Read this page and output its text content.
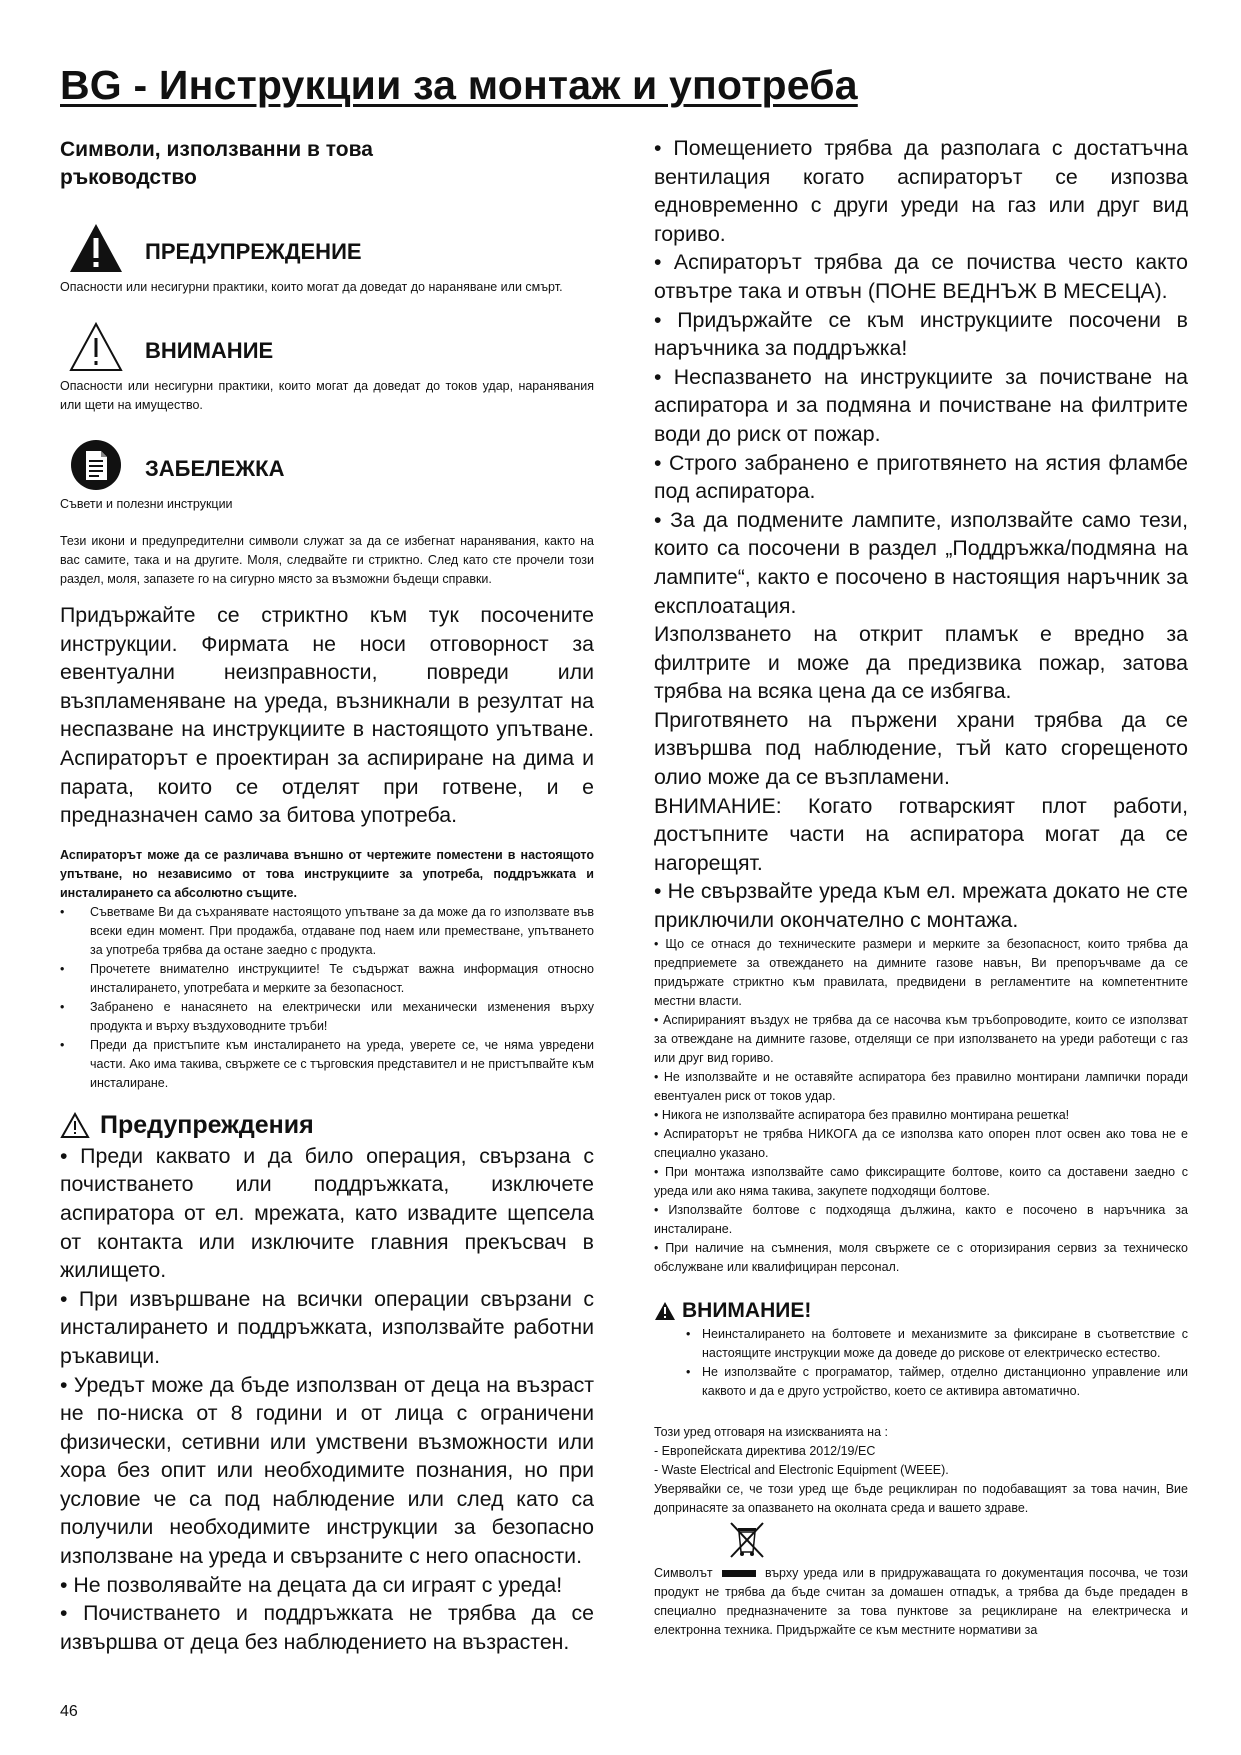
BG - Инструкции за монтаж и употреба

Символи, използванни в това ръководство

ПРЕДУПРЕЖДЕНИЕ

Опасности или несигурни практики, които могат да доведат до нараняване или смърт.

ВНИМАНИЕ

Опасности или несигурни практики, които могат да доведат до токов удар, наранявания или щети на имущество.

ЗАБЕЛЕЖКА

Съвети и полезни инструкции

Тези икони и предупредителни символи служат за да се избегнат наранявания, както на вас самите, така и на другите. Моля, следвайте ги стриктно. След като сте прочели този раздел, моля, запазете го на сигурно място за възможни бъдещи справки.

Придържайте се стриктно към тук посочените инструкции. Фирмата не носи отговорност за евентуални неизправности, повреди или възпламеняване на уреда, възникнали в резултат на неспазване на инструкциите в настоящото упътване. Аспираторът е проектиран за аспириране на дима и парата, които се отделят при готвене, и е предназначен само за битова употреба.

Аспираторът може да се различава външно от чертежите поместени в настоящото упътване, но независимо от това инструкциите за употреба, поддръжката и инсталирането са абсолютно същите.

• Съветваме Ви да съхранявате настоящото упътване за да може да го използвате във всеки един момент. При продажба, отдаване под наем или преместване, упътването за употреба трябва да остане заедно с продукта.
• Прочетете внимателно инструкциите! Те съдържат важна информация относно инсталирането, употребата и мерките за безопасност.
• Забранено е нанасянето на електрически или механически изменения върху продукта и върху въздуховодните тръби!
• Преди да пристъпите към инсталирането на уреда, уверете се, че няма увредени части. Ако има такива, свържете се с търговския представител и не пристъпвайте към инсталиране.
Предупреждения

• Преди каквато и да било операция, свързана с почистването или поддръжката, изключете аспиратора от ел. мрежата, като извадите щепсела от контакта или изключите главния прекъсвач в жилището.

• При извършване на всички операции свързани с инсталирането и поддръжката, използвайте работни ръкавици.

• Уредът може да бъде използван от деца на възраст не по-ниска от 8 години и от лица с ограничени физически, сетивни или умствени възможности или хора без опит или необходимите познания, но при условие че са под наблюдение или след като са получили необходимите инструкции за безопасно използване на уреда и свързаните с него опасности.

• Не позволявайте на децата да си играят с уреда!

• Почистването и поддръжката не трябва да се извършва от деца без наблюдението на възрастен.

• Помещението трябва да разполага с достатъчна вентилация когато аспираторът се изпозва едновременно с други уреди на газ или друг вид гориво.

• Аспираторът трябва да се почиства често както отвътре така и отвън (ПОНЕ ВЕДНЪЖ В МЕСЕЦА).

• Придържайте се към инструкциите посочени в наръчника за поддръжка!

• Неспазването на инструкциите за почистване на аспиратора и за подмяна и почистване на филтрите води до риск от пожар.

• Строго забранено е приготвянето на ястия фламбе под аспиратора.

• За да подмените лампите, използвайте само тези, които са посочени в раздел „Поддръжка/подмяна на лампите“, както е посочено в настоящия наръчник за експлоатация.

Използването на открит пламък е вредно за филтрите и може да предизвика пожар, затова трябва на всяка цена да се избягва.

Приготвянето на пържени храни трябва да се извършва под наблюдение, тъй като сгорещеното олио може да се възпламени.

ВНИМАНИЕ: Когато готварският плот работи, достъпните части на аспиратора могат да се нагорещят.

• Не свързвайте уреда към ел. мрежата докато не сте приключили окончателно с монтажа.

• Що се отнася до техническите размери и мерките за безопасност, които трябва да предприемете за отвеждането на димните газове навън, Ви препоръчваме да се придържате стриктно към правилата, предвидени в регламентите на компетентните местни власти.

• Аспирираният въздух не трябва да се насочва към тръбопроводите, които се използват за отвеждане на димните газове, отделящи се при използването на уреди работещи с газ или друг вид гориво.

• Не използвайте и не оставяйте аспиратора без правилно монтирани лампички поради евентуален риск от токов удар.

• Никога не използвайте аспиратора без правилно монтирана решетка!

• Аспираторът не трябва НИКОГА да се използва като опорен плот освен ако това не е специално указано.

• При монтажа използвайте само фиксиращите болтове, които са доставени заедно с уреда или ако няма такива, закупете подходящи болтове.

• Използвайте болтове с подходяща дължина, както е посочено в наръчника за инсталиране.

• При наличие на съмнения, моля свържете се с оторизирания сервиз за техническо обслужване или квалифициран персонал.

ВНИМАНИЕ!
• Неинсталирането на болтовете и механизмите за фиксиране в съответствие с настоящите инструкции може да доведе до рискове от електрическо естество.
• Не използвайте с програматор, таймер, отделно дистанционно управление или каквото и да е друго устройство, което се активира автоматично.

Този уред отговаря на изискванията на :

- Европейската директива 2012/19/EC

- Waste Electrical and Electronic Equipment (WEEE).

Уверявайки се, че този уред ще бъде рециклиран по подобаващият за това начин, Вие допринасяте за опазването на околната среда и вашето здраве.

Символът	върху уреда или в придружаващата го документация посочва, че този продукт не трябва да бъде считан за домашен отпадък, а трябва да бъде предаден в специално предназначените за това пунктове за рециклиране на електрическа и електронна техника. Придържайте се към местните нормативи за

46
